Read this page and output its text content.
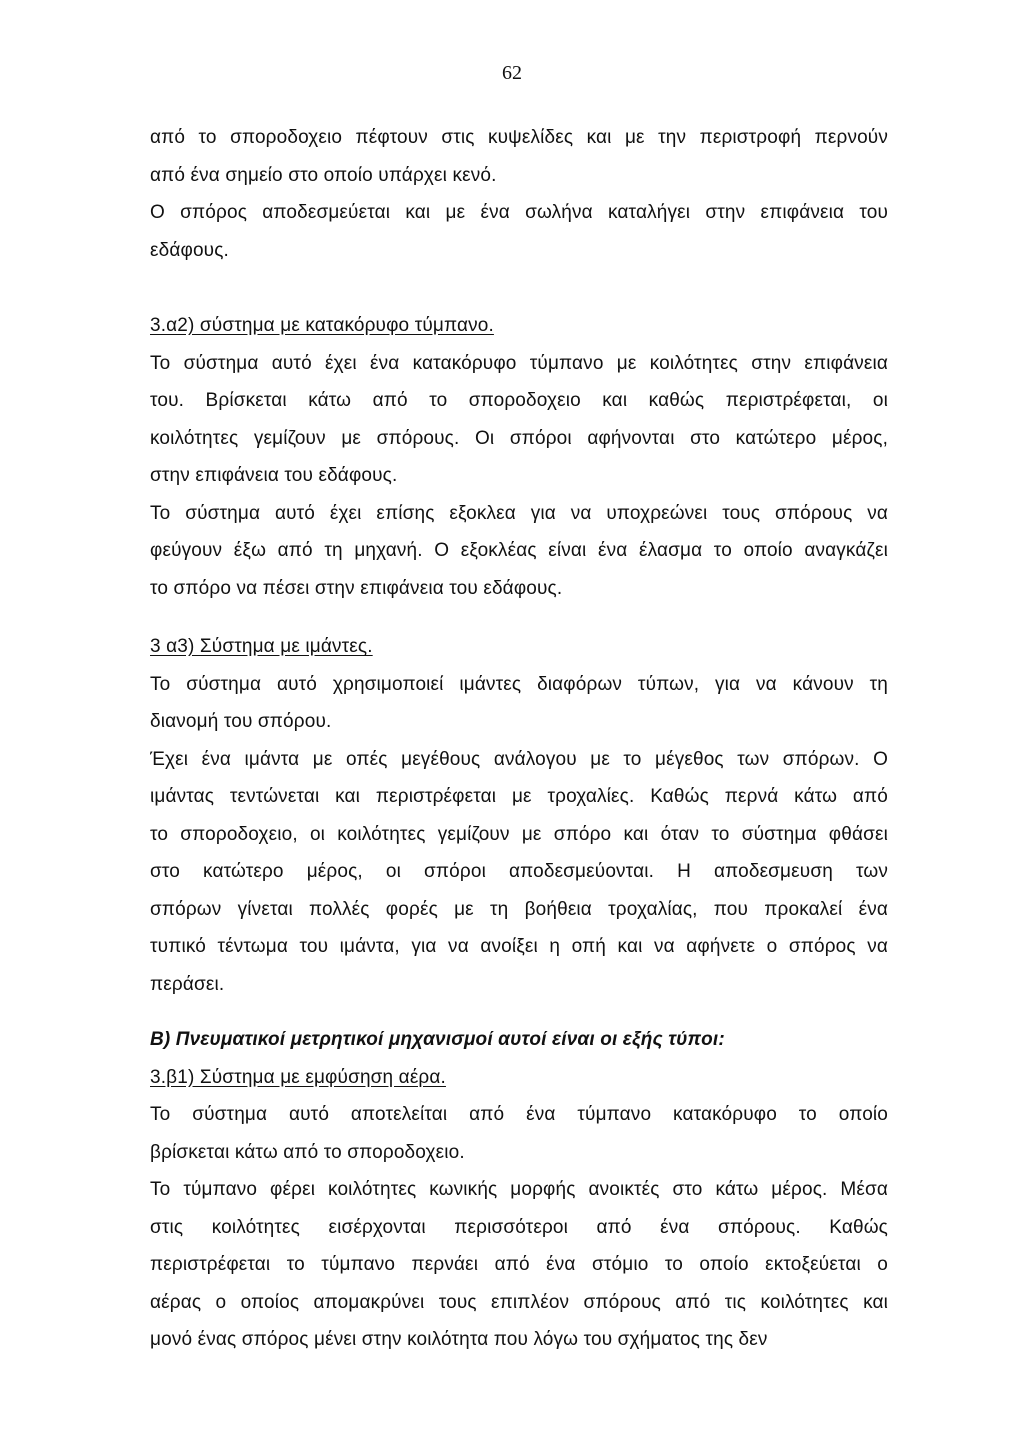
62
από το σποροδοχειο πέφτουν στις κυψελίδες και με την περιστροφή περνούν
από ένα σημείο στο οποίο υπάρχει κενό.
Ο σπόρος αποδεσμεύεται και με ένα σωλήνα καταλήγει στην επιφάνεια του
εδάφους.
3.α2) σύστημα με κατακόρυφο τύμπανο.
Το σύστημα αυτό έχει ένα κατακόρυφο τύμπανο με κοιλότητες στην επιφάνεια
του. Βρίσκεται κάτω από το σποροδοχειο και καθώς περιστρέφεται, οι
κοιλότητες γεμίζουν με σπόρους. Οι σπόροι αφήνονται στο κατώτερο μέρος,
στην επιφάνεια του εδάφους.
Το σύστημα αυτό έχει επίσης εξοκλεα για να υποχρεώνει τους σπόρους να
φεύγουν έξω από τη μηχανή. Ο εξοκλέας είναι ένα έλασμα το οποίο αναγκάζει
το σπόρο να πέσει στην επιφάνεια του εδάφους.
3 α3) Σύστημα με ιμάντες.
Το σύστημα αυτό χρησιμοποιεί ιμάντες διαφόρων τύπων, για να κάνουν τη
διανομή του σπόρου.
Έχει ένα ιμάντα με οπές μεγέθους ανάλογου με το μέγεθος των σπόρων. Ο
ιμάντας τεντώνεται και περιστρέφεται με τροχαλίες. Καθώς περνά κάτω από
το σποροδοχειο, οι κοιλότητες γεμίζουν με σπόρο και όταν το σύστημα φθάσει
στο κατώτερο μέρος, οι σπόροι αποδεσμεύονται. Η αποδεσμευση των
σπόρων γίνεται πολλές φορές με τη βοήθεια τροχαλίας, που προκαλεί ένα
τυπικό τέντωμα του ιμάντα, για να ανοίξει η οπή και να αφήνετε ο σπόρος να
περάσει.
Β) Πνευματικοί μετρητικοί μηχανισμοί αυτοί είναι οι εξής τύποι:
3.β1) Σύστημα με εμφύσηση αέρα.
Το σύστημα αυτό αποτελείται από ένα τύμπανο κατακόρυφο το οποίο
βρίσκεται κάτω από το σποροδοχειο.
Το τύμπανο φέρει κοιλότητες κωνικής μορφής ανοικτές στο κάτω μέρος. Μέσα
στις κοιλότητες εισέρχονται περισσότεροι από ένα σπόρους. Καθώς
περιστρέφεται το τύμπανο περνάει από ένα στόμιο το οποίο εκτοξεύεται ο
αέρας ο οποίος απομακρύνει τους επιπλέον σπόρους από τις κοιλότητες και
μονό ένας σπόρος μένει στην κοιλότητα που λόγω του σχήματος της δεν
